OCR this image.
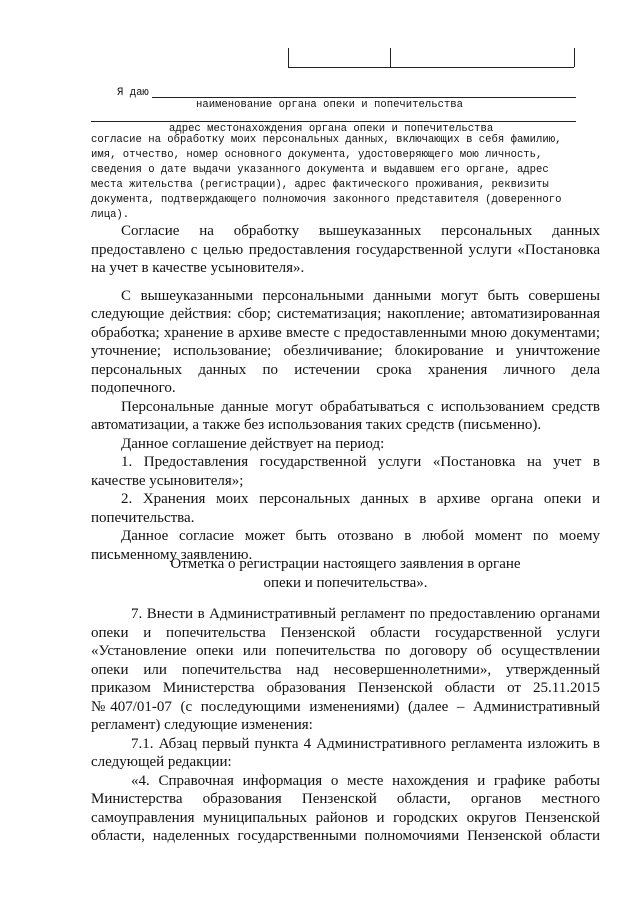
Я даю
наименование органа опеки и попечительства
адрес местонахождения органа опеки и попечительства
согласие на обработку моих персональных данных, включающих в себя фамилию,
имя, отчество, номер основного документа, удостоверяющего мою личность,
сведения о дате выдачи указанного документа и выдавшем его органе, адрес
места жительства (регистрации), адрес фактического проживания, реквизиты
документа, подтверждающего полномочия законного представителя (доверенного
лица).
Согласие на обработку вышеуказанных персональных данных
предоставлено с целью предоставления государственной услуги «Постановка
на учет в качестве усыновителя».
С вышеуказанными персональными данными могут быть совершены
следующие действия: сбор; систематизация; накопление; автоматизированная
обработка; хранение в архиве вместе с предоставленными мною документами;
уточнение; использование; обезличивание; блокирование и уничтожение
персональных данных по истечении срока хранения личного дела
подопечного.
Персональные данные могут обрабатываться с использованием средств
автоматизации, а также без использования таких средств (письменно).
Данное соглашение действует на период:
1. Предоставления государственной услуги «Постановка на учет в
качестве усыновителя»;
2. Хранения моих персональных данных в архиве органа опеки и
попечительства.
Данное согласие может быть отозвано в любой момент по моему
письменному заявлению.
Отметка о регистрации настоящего заявления в органе
опеки и попечительства».
7. Внести в Административный регламент по предоставлению органами
опеки и попечительства Пензенской области государственной услуги
«Установление опеки или попечительства по договору об осуществлении
опеки или попечительства над несовершеннолетними», утвержденный
приказом Министерства образования Пензенской области от 25.11.2015
№407/01-07 (с последующими изменениями) (далее – Административный
регламент) следующие изменения:
7.1. Абзац первый пункта 4 Административного регламента изложить в
следующей редакции:
«4. Справочная информация о месте нахождения и графике работы
Министерства образования Пензенской области, органов местного
самоуправления муниципальных районов и городских округов Пензенской
области, наделенных государственными полномочиями Пензенской области
